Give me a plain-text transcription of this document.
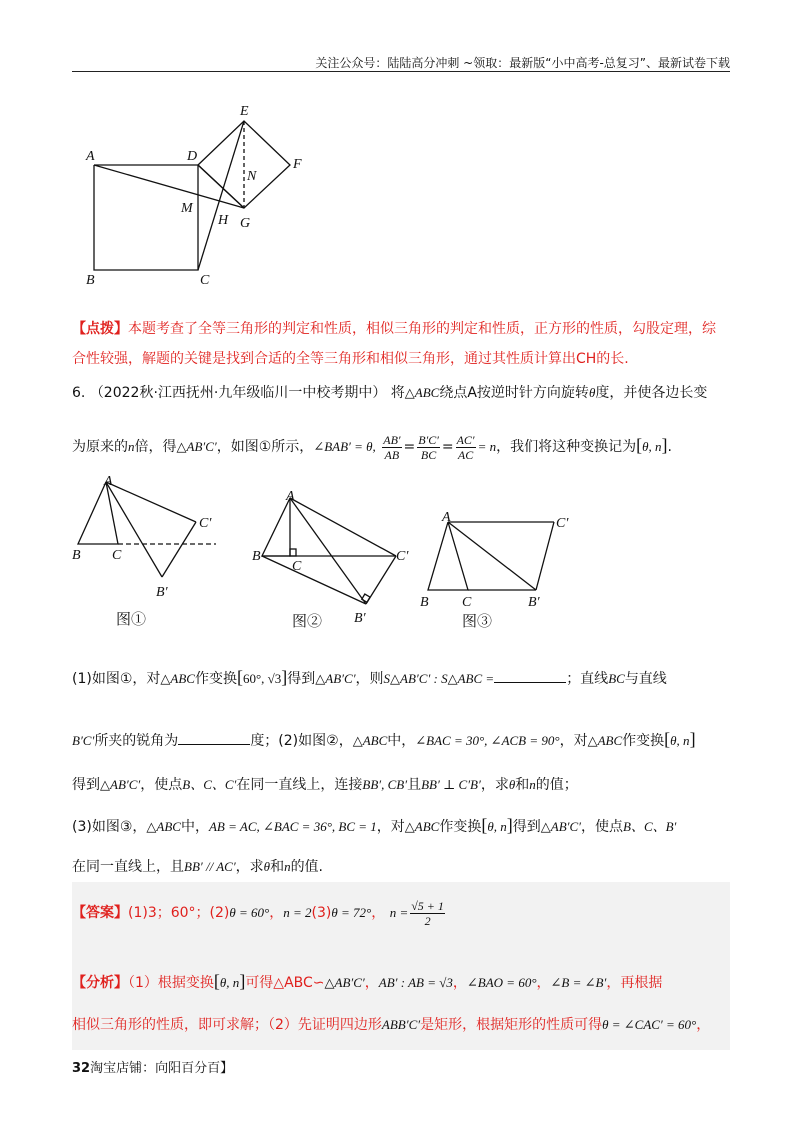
关注公众号：陆陆高分冲刺 ~领取：最新版“小中高考-总复习”、最新试卷下载
A	D
E
F
N
M
H G
B	C
【点拨】本题考查了全等三角形的判定和性质，相似三角形的判定和性质，正方形的性质，勾股定理，综
合性较强，解题的关键是找到合适的全等三角形和相似三角形，通过其性质计算出CH的长.
6. （2022秋·江西抚州·九年级临川一中校考期中） 将△ABC绕点A按逆时针方向旋转θ度，并使各边长变
为原来的n倍，得△AB′C′，如图①所示，∠BAB′ = θ, $\frac{AB'}{AB} = \frac{B'C'}{BC} = \frac{AC'}{AC} = n$，我们将这种变换记为[θ, n].
A
B C
C′
B′
图①
A
B
C
C′
B′
图②
A	C′
B C	B′
图③
(1)如图①，对△ABC作变换[60°, √3]得到△AB′C′，则S△AB′C′ : S△ABC =	；直线BC与直线
B′C′所夹的锐角为	度；(2)如图②，△ABC中，∠BAC = 30°, ∠ACB = 90°，对△ABC作变换[θ, n]
得到△AB′C′，使点B、C、C′在同一直线上，连接BB′, CB′且BB′ ⊥ C′B′，求θ和n的值；
(3)如图③，△ABC中，AB = AC, ∠BAC = 36°, BC = 1，对△ABC作变换[θ, n]得到△AB′C′，使点B、C、B′
在同一直线上，且BB′ // AC′，求θ和n的值.
【答案】(1)3；60°；(2)θ = 60°，n = 2(3)θ = 72°， $n = \frac{√5 + 1}{2}$
【分析】（1）根据变换[θ, n]可得△ABC∽△AB′C′，AB′ : AB = √3，∠BAO = 60°，∠B = ∠B′，再根据
相似三角形的性质，即可求解；（2）先证明四边形ABB′C′是矩形，根据矩形的性质可得θ = ∠CAC′ = 60°，
32淘宝店铺：向阳百分百】
